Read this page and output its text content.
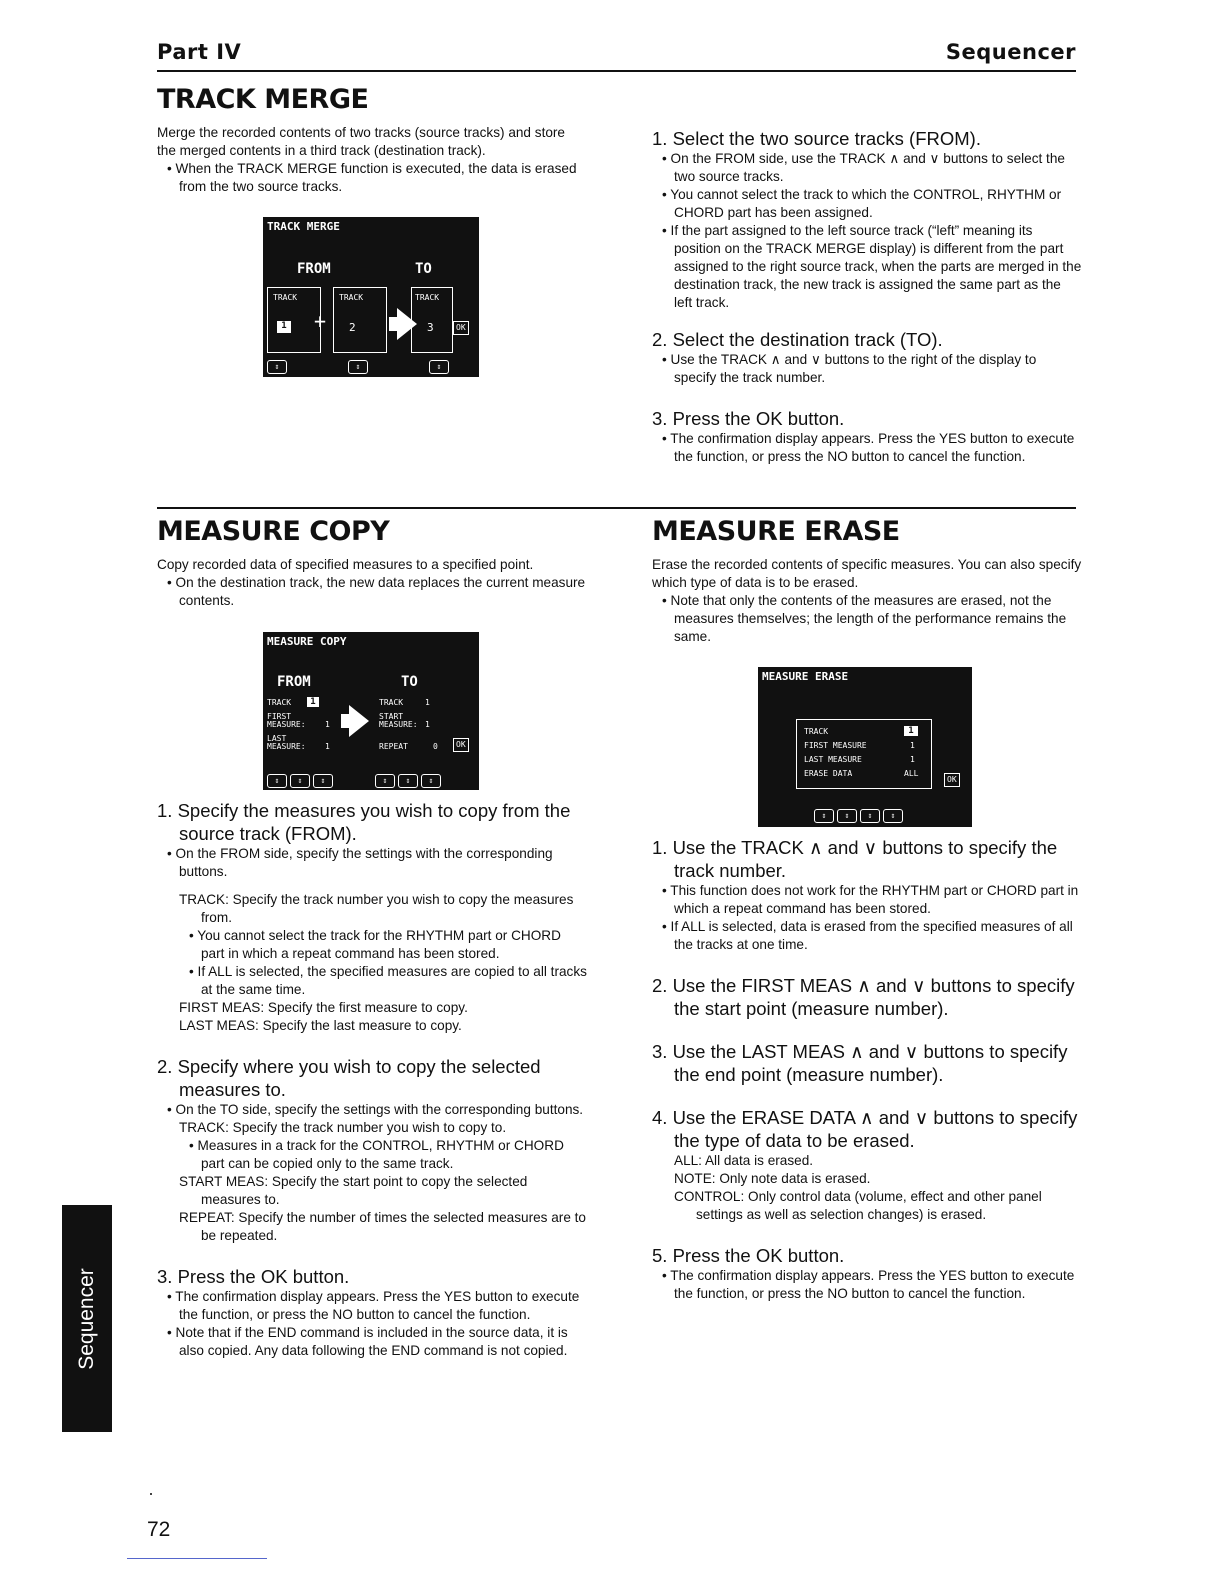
Part IV	Sequencer
TRACK MERGE

Merge the recorded contents of two tracks (source tracks) and store the merged contents in a third track (destination track).

• When the TRACK MERGE function is executed, the data is erased from the two source tracks.

TRACK MERGE
FROM	TO
TRACK	TRACK	TRACK
1 + 2	3	OK
⇕	⇕	⇕

1. Select the two source tracks (FROM).

• On the FROM side, use the TRACK ∧ and ∨ buttons to select the two source tracks.

• You cannot select the track to which the CONTROL, RHYTHM or CHORD part has been assigned.

• If the part assigned to the left source track (“left” meaning its position on the TRACK MERGE display) is different from the part assigned to the right source track, when the parts are merged in the destination track, the new track is assigned the same part as the left track.

2. Select the destination track (TO).

• Use the TRACK ∧ and ∨ buttons to the right of the display to specify the track number.

3. Press the OK button.

• The confirmation display appears. Press the YES button to execute the function, or press the NO button to cancel the function.

MEASURE COPY

Copy recorded data of specified measures to a specified point.

• On the destination track, the new data replaces the current measure contents.

MEASURE COPY
FROM	TO
TRACK	1
FIRST
MEASURE: 1
LAST
MEASURE: 1
TRACK	1
START
MEASURE: 1
REPEAT	0	OK
⇕	⇕	⇕	⇕	⇕	⇕

1. Specify the measures you wish to copy from the source track (FROM).

• On the FROM side, specify the settings with the corresponding buttons.

TRACK: Specify the track number you wish to copy the measures from.

• You cannot select the track for the RHYTHM part or CHORD part in which a repeat command has been stored.

• If ALL is selected, the specified measures are copied to all tracks at the same time.

FIRST MEAS: Specify the first measure to copy.

LAST MEAS: Specify the last measure to copy.

2. Specify where you wish to copy the selected measures to.

• On the TO side, specify the settings with the corresponding buttons.

TRACK: Specify the track number you wish to copy to.

• Measures in a track for the CONTROL, RHYTHM or CHORD part can be copied only to the same track.

START MEAS: Specify the start point to copy the selected measures to.

REPEAT: Specify the number of times the selected measures are to be repeated.

3. Press the OK button.

• The confirmation display appears. Press the YES button to execute the function, or press the NO button to cancel the function.

• Note that if the END command is included in the source data, it is also copied. Any data following the END command is not copied.

MEASURE ERASE

Erase the recorded contents of specific measures. You can also specify which type of data is to be erased.

• Note that only the contents of the measures are erased, not the measures themselves; the length of the performance remains the same.

MEASURE ERASE
TRACK	1
FIRST MEASURE	1
LAST MEASURE	1
ERASE DATA	ALL
OK
⇕	⇕	⇕	⇕

1. Use the TRACK ∧ and ∨ buttons to specify the track number.

• This function does not work for the RHYTHM part or CHORD part in which a repeat command has been stored.

• If ALL is selected, data is erased from the specified measures of all the tracks at one time.

2. Use the FIRST MEAS ∧ and ∨ buttons to specify the start point (measure number).

3. Use the LAST MEAS ∧ and ∨ buttons to specify the end point (measure number).

4. Use the ERASE DATA ∧ and ∨ buttons to specify the type of data to be erased.

ALL: All data is erased.

NOTE: Only note data is erased.

CONTROL: Only control data (volume, effect and other panel settings as well as selection changes) is erased.

5. Press the OK button.

• The confirmation display appears. Press the YES button to execute the function, or press the NO button to cancel the function.

Sequencer
72
